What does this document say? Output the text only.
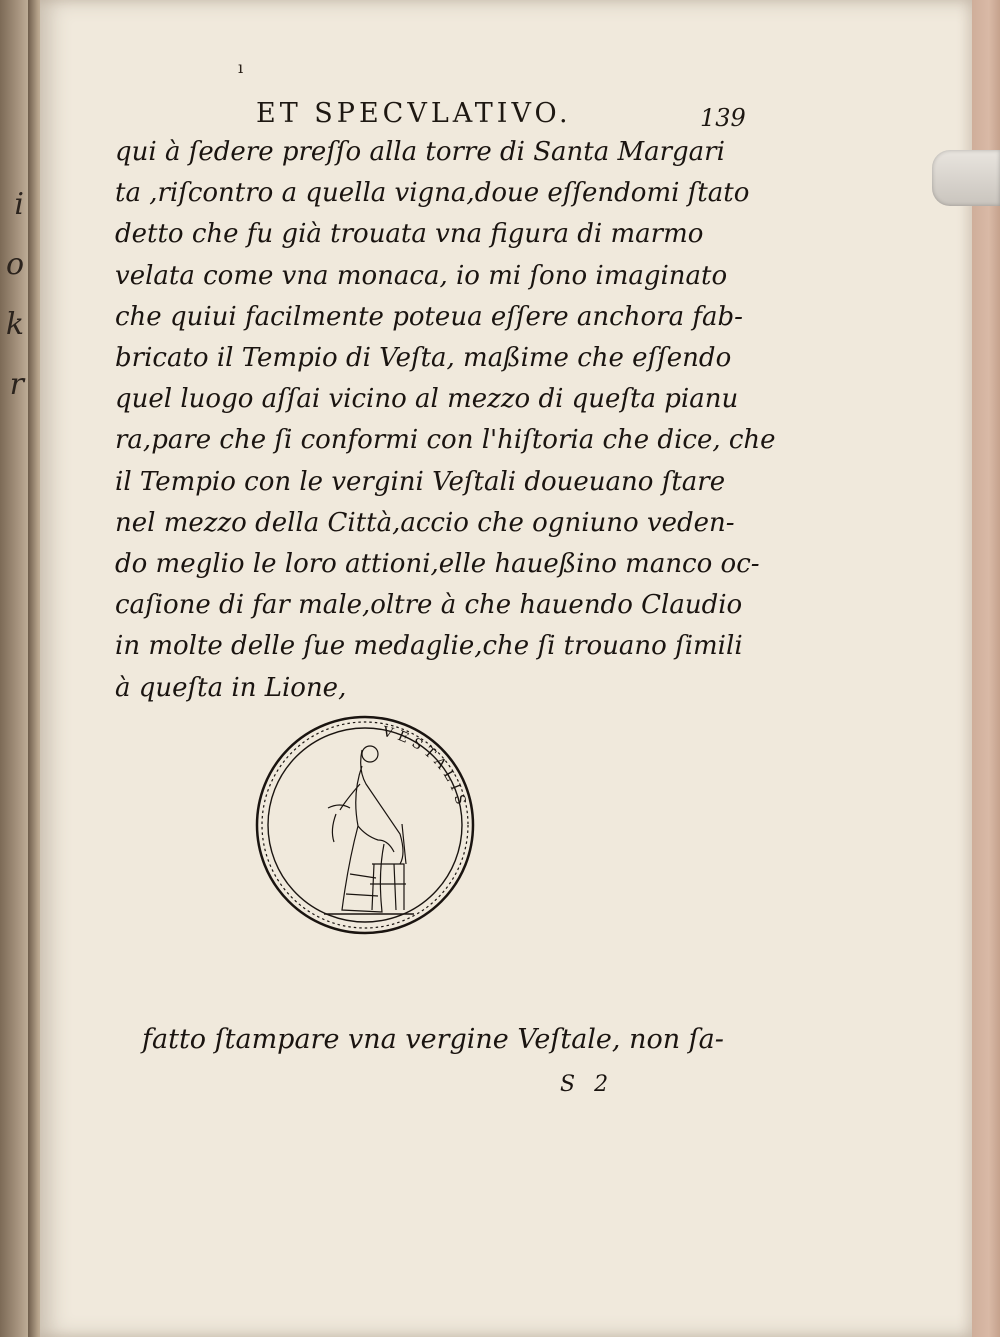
i
o
k
r
ı
ET SPECVLATIVO.	139
qui à ſedere preſſo alla torre di Santa Margari
ta ,riſcontro a quella vigna,doue eſſendomi ſtato
detto che fu già trouata vna figura di marmo
velata come vna monaca, io mi ſono imaginato
che quiui facilmente poteua eſſere anchora fab-
bricato il Tempio di Veſta, maßime che eſſendo
quel luogo aſſai vicino al mezzo di queſta pianu
ra,pare che ſi conformi con l'hiſtoria che dice, che
il Tempio con le vergini Veſtali doueuano ſtare
nel mezzo della Città,accio che ogniuno veden-
do meglio le loro attioni,elle haueßino manco oc-
caſione di far male,oltre à che hauendo Claudio
in molte delle ſue medaglie,che ſi trouano ſimili
à queſta in Lione,
VESTALIS
fatto ſtampare vna vergine Veſtale, non ſa-
S 2
